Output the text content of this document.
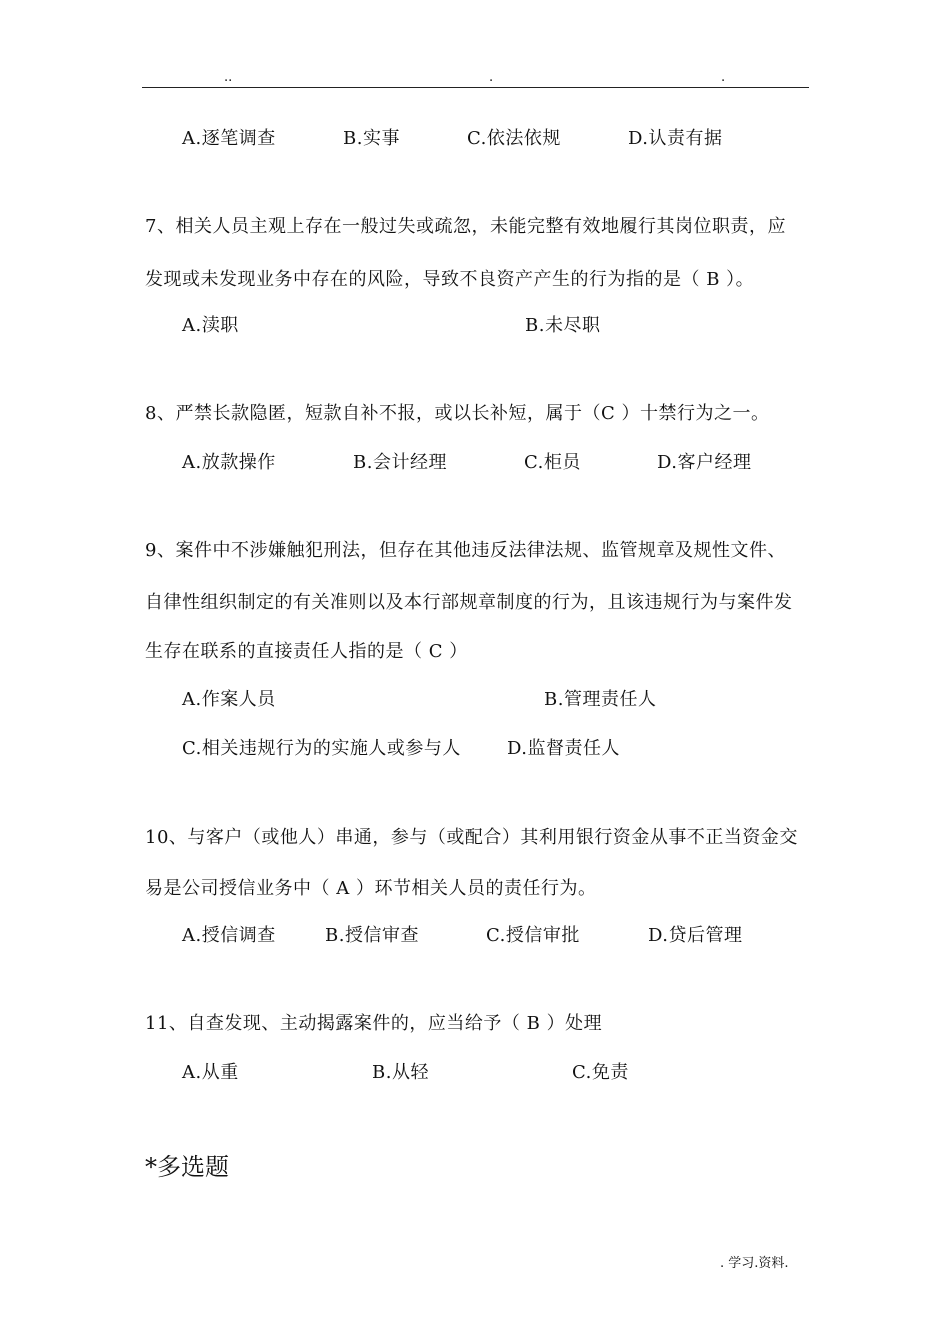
..	.	.
A.逐笔调查	B.实事	C.依法依规	D.认责有据
7、相关人员主观上存在一般过失或疏忽，未能完整有效地履行其岗位职责，应
发现或未发现业务中存在的风险，导致不良资产产生的行为指的是（ B ）。
A.渎职	B.未尽职
8、严禁长款隐匿，短款自补不报，或以长补短，属于（C ）十禁行为之一。
A.放款操作	B.会计经理	C.柜员	D.客户经理
9、案件中不涉嫌触犯刑法，但存在其他违反法律法规、监管规章及规性文件、
自律性组织制定的有关准则以及本行部规章制度的行为，且该违规行为与案件发
生存在联系的直接责任人指的是（ C ）
A.作案人员	B.管理责任人
C.相关违规行为的实施人或参与人	D.监督责任人
10、与客户（或他人）串通，参与（或配合）其利用银行资金从事不正当资金交
易是公司授信业务中（ A ）环节相关人员的责任行为。
A.授信调查	B.授信审查	C.授信审批	D.贷后管理
11、自查发现、主动揭露案件的，应当给予（ B ）处理
A.从重	B.从轻	C.免责
*多选题
. 学习.资料.
